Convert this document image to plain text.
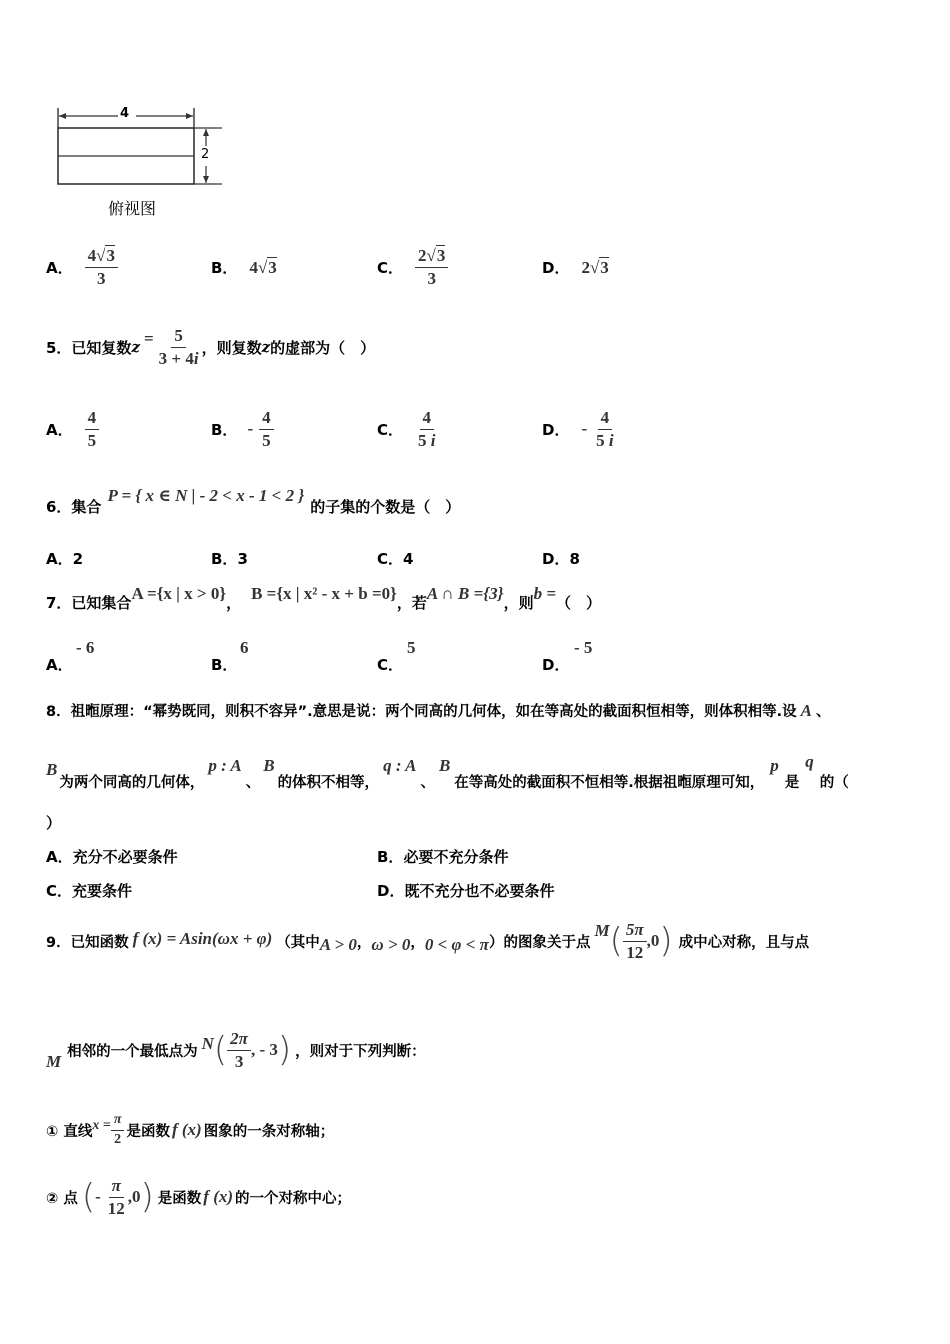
4
2
俯视图
A． $\frac{4√3}{3}$	B． 4√3	C． $\frac{2√3}{3}$	D． 2√3
5．已知复数 $z = \frac{5}{3 + 4i}$ ，则复数 z 的虚部为（　）
A． $\frac{4}{5}$	B． - $\frac{4}{5}$	C． $\frac{4}{5 i}$	D． - $\frac{4}{5 i}$
6．集合
P = { x ∈ N | - 2 < x - 1 < 2 }
的子集的个数是（　）
A．2	B．3	C．4	D．8
7．已知集合 A ={x | x > 0} ， B ={x | x² - x + b =0} ，若 A ∩ B ={3} ，则 b = （　）
A．
- 6
B．
6
C．
5
D．
- 5
8．祖暅原理：“幂势既同，则积不容异”.意思是说：两个同高的几何体，如在等高处的截面积恒相等，则体积相等.设 A 、
B
为两个同高的几何体，
p : A
、
B
的体积不相等，
q : A
、
B
在等高处的截面积不恒相等.根据祖暅原理可知，
p
是
q
的（
）
A．充分不必要条件	B．必要不充分条件
C．充要条件	D．既不充分也不必要条件
9．已知函数 f (x) = Asin(ωx + φ) （其中 A > 0 ， ω > 0 ， 0 < φ < π ）的图象关于点
M ( $\frac{5\pi}{12} ,0$ ) 成中心对称，且与点
M
相邻的一个最低点为 N ( $\frac{2\pi}{3}$ , - 3 ) ，则对于下列判断：
① 直线 $x = \frac{\pi}{2}$ 是函数 f (x) 图象的一条对称轴；
② 点 ( - $\frac{\pi}{12} ,0$ ) 是函数 f (x) 的一个对称中心；
